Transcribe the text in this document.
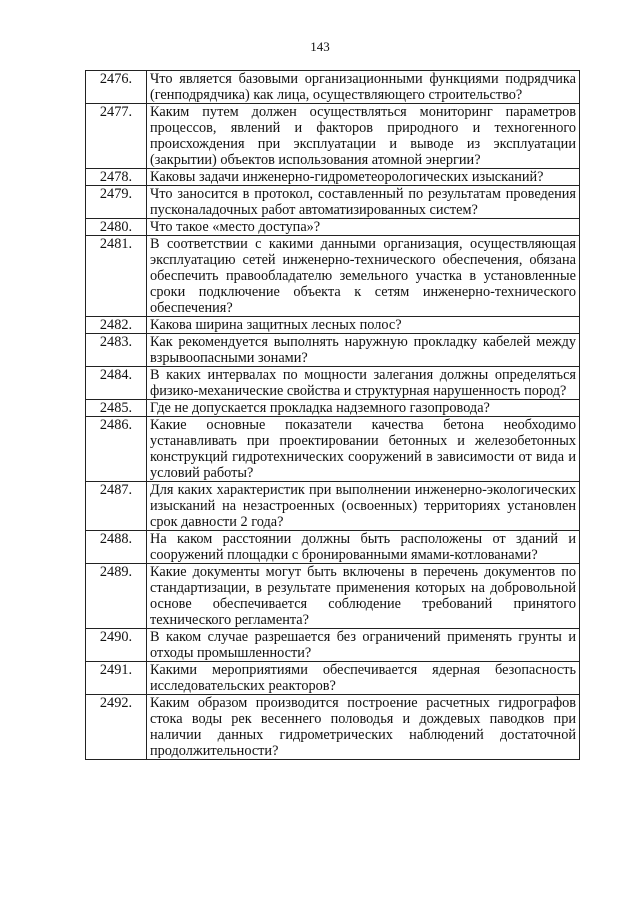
143
2476.	Что является базовыми организационными функциями подрядчика (генподрядчика) как лица, осуществляющего строительство?
2477.	Каким путем должен осуществляться мониторинг параметров процессов, явлений и факторов природного и техногенного происхождения при эксплуатации и выводе из эксплуатации (закрытии) объектов использования атомной энергии?
2478.	Каковы задачи инженерно-гидрометеорологических изысканий?
2479.	Что заносится в протокол, составленный по результатам проведения пусконаладочных работ автоматизированных систем?
2480.	Что такое «место доступа»?
2481.	В соответствии с какими данными организация, осуществляющая эксплуатацию сетей инженерно-технического обеспечения, обязана обеспечить правообладателю земельного участка в установленные сроки подключение объекта к сетям инженерно-технического обеспечения?
2482.	Какова ширина защитных лесных полос?
2483.	Как рекомендуется выполнять наружную прокладку кабелей между взрывоопасными зонами?
2484.	В каких интервалах по мощности залегания должны определяться физико-механические свойства и структурная нарушенность пород?
2485.	Где не допускается прокладка надземного газопровода?
2486.	Какие основные показатели качества бетона необходимо устанавливать при проектировании бетонных и железобетонных конструкций гидротехнических сооружений в зависимости от вида и условий работы?
2487.	Для каких характеристик при выполнении инженерно-экологических изысканий на незастроенных (освоенных) территориях установлен срок давности 2 года?
2488.	На каком расстоянии должны быть расположены от зданий и сооружений площадки с бронированными ямами-котлованами?
2489.	Какие документы могут быть включены в перечень документов по стандартизации, в результате применения которых на добровольной основе обеспечивается соблюдение требований принятого технического регламента?
2490.	В каком случае разрешается без ограничений применять грунты и отходы промышленности?
2491.	Какими мероприятиями обеспечивается ядерная безопасность исследовательских реакторов?
2492.	Каким образом производится построение расчетных гидрографов стока воды рек весеннего половодья и дождевых паводков при наличии данных гидрометрических наблюдений достаточной продолжительности?
